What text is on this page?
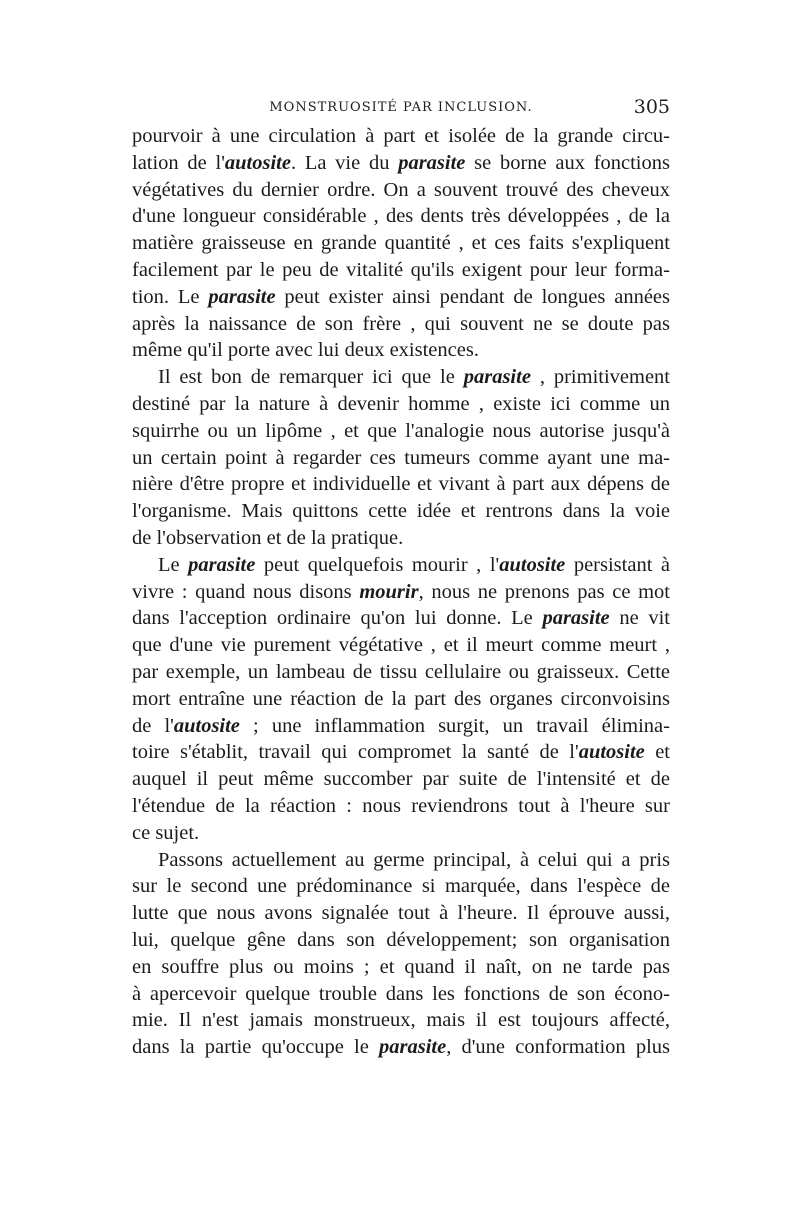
MONSTRUOSITÉ PAR INCLUSION.	305

pourvoir à une circulation à part et isolée de la grande circu-
lation de l'autosite. La vie du parasite se borne aux fonctions
végétatives du dernier ordre. On a souvent trouvé des cheveux
d'une longueur considérable , des dents très développées , de la
matière graisseuse en grande quantité , et ces faits s'expliquent
facilement par le peu de vitalité qu'ils exigent pour leur forma-
tion. Le parasite peut exister ainsi pendant de longues années
après la naissance de son frère , qui souvent ne se doute pas
même qu'il porte avec lui deux existences.

Il est bon de remarquer ici que le parasite , primitivement
destiné par la nature à devenir homme , existe ici comme un
squirrhe ou un lipôme , et que l'analogie nous autorise jusqu'à
un certain point à regarder ces tumeurs comme ayant une ma-
nière d'être propre et individuelle et vivant à part aux dépens de
l'organisme. Mais quittons cette idée et rentrons dans la voie
de l'observation et de la pratique.

Le parasite peut quelquefois mourir , l'autosite persistant à
vivre : quand nous disons mourir, nous ne prenons pas ce mot
dans l'acception ordinaire qu'on lui donne. Le parasite ne vit
que d'une vie purement végétative , et il meurt comme meurt ,
par exemple, un lambeau de tissu cellulaire ou graisseux. Cette
mort entraîne une réaction de la part des organes circonvoisins
de l'autosite ; une inflammation surgit, un travail élimina-
toire s'établit, travail qui compromet la santé de l'autosite et
auquel il peut même succomber par suite de l'intensité et de
l'étendue de la réaction : nous reviendrons tout à l'heure sur
ce sujet.

Passons actuellement au germe principal, à celui qui a pris
sur le second une prédominance si marquée, dans l'espèce de
lutte que nous avons signalée tout à l'heure. Il éprouve aussi,
lui, quelque gêne dans son développement; son organisation
en souffre plus ou moins ; et quand il naît, on ne tarde pas
à apercevoir quelque trouble dans les fonctions de son écono-
mie. Il n'est jamais monstrueux, mais il est toujours affecté,
dans la partie qu'occupe le parasite, d'une conformation plus
